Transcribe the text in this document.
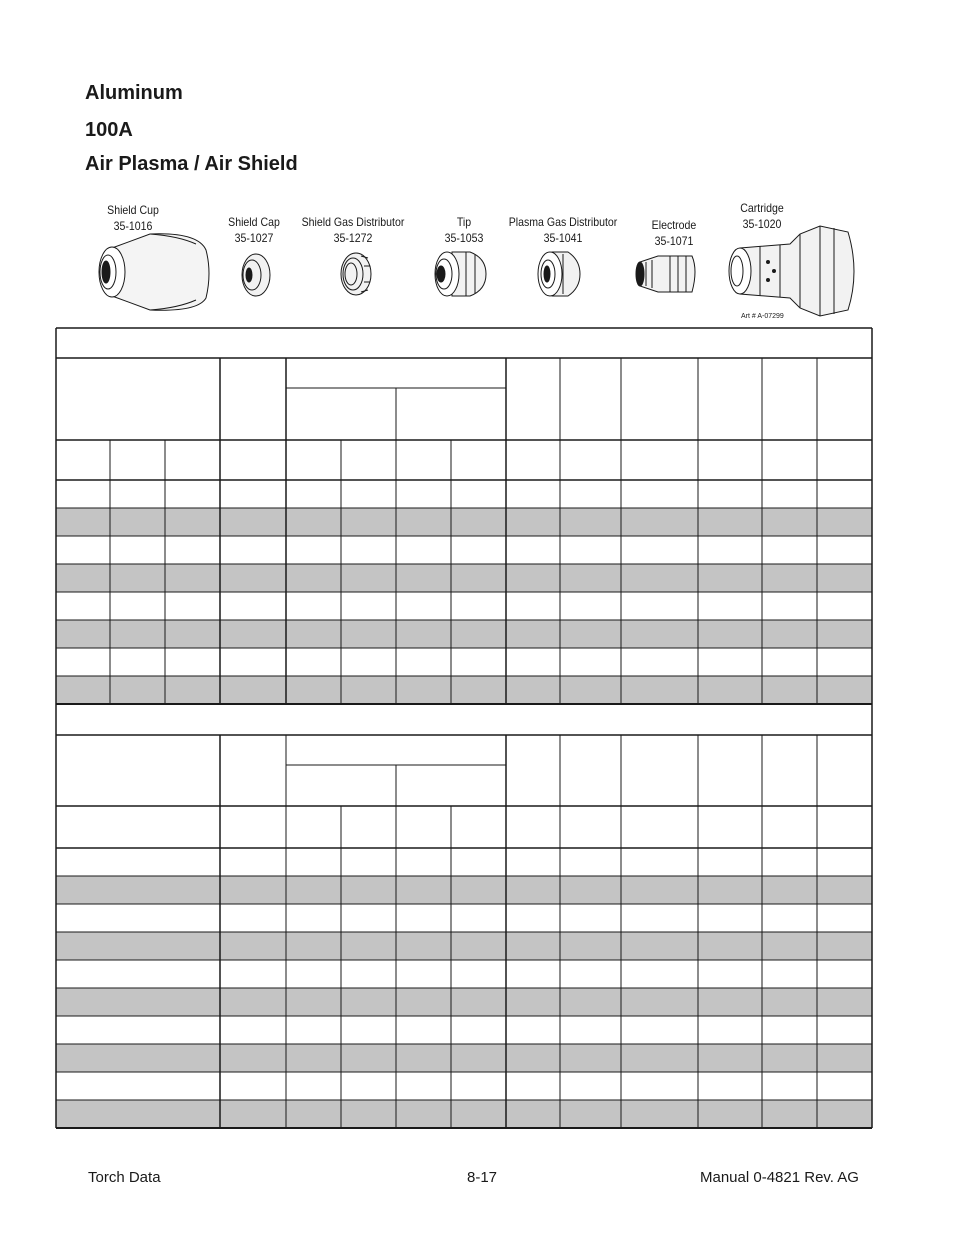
Aluminum
100A
Air Plasma / Air Shield
Shield Cup
35-1016	Shield Cap
35-1027
Shield Gas Distributor
35-1272
Tip
35-1053
Plasma Gas Distributor
35-1041
Electrode
35-1071
Cartridge
35-1020
Art # A-07299
Torch Data	8-17	Manual 0-4821 Rev. AG
